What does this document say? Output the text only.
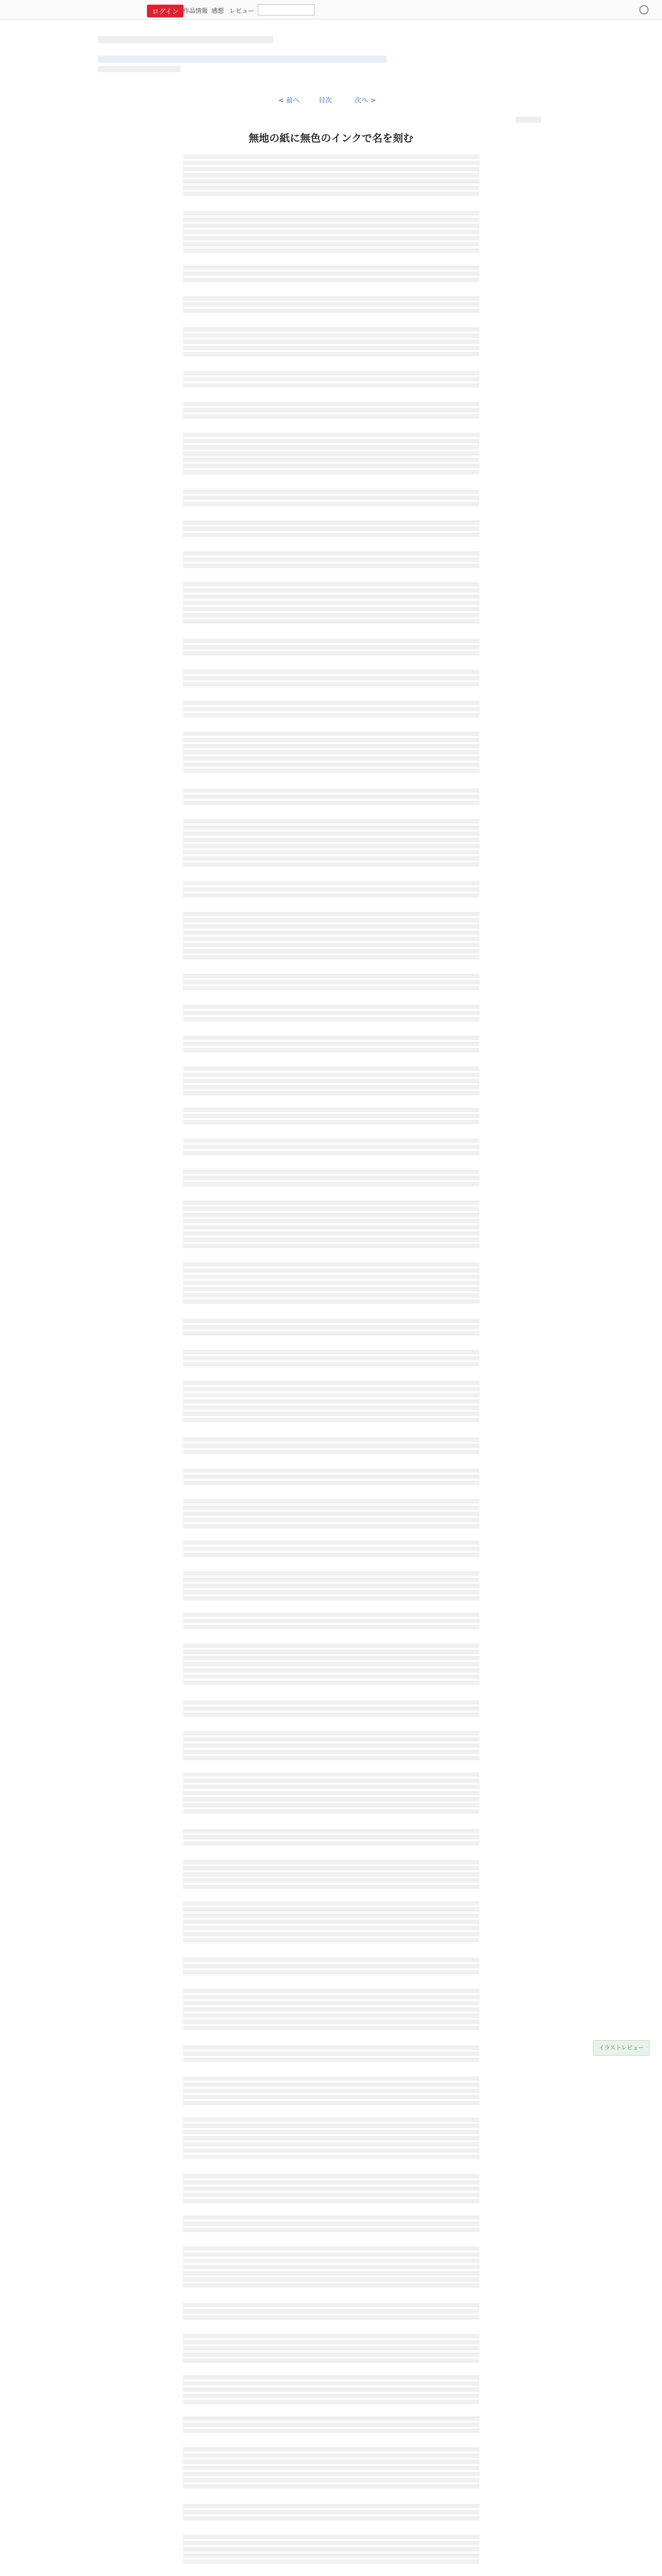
ログイン 作品情報 感想 レビュー
< 前へ	目次	次へ >
無地の紙に無色のインクで名を刻む
イラストレビュー
